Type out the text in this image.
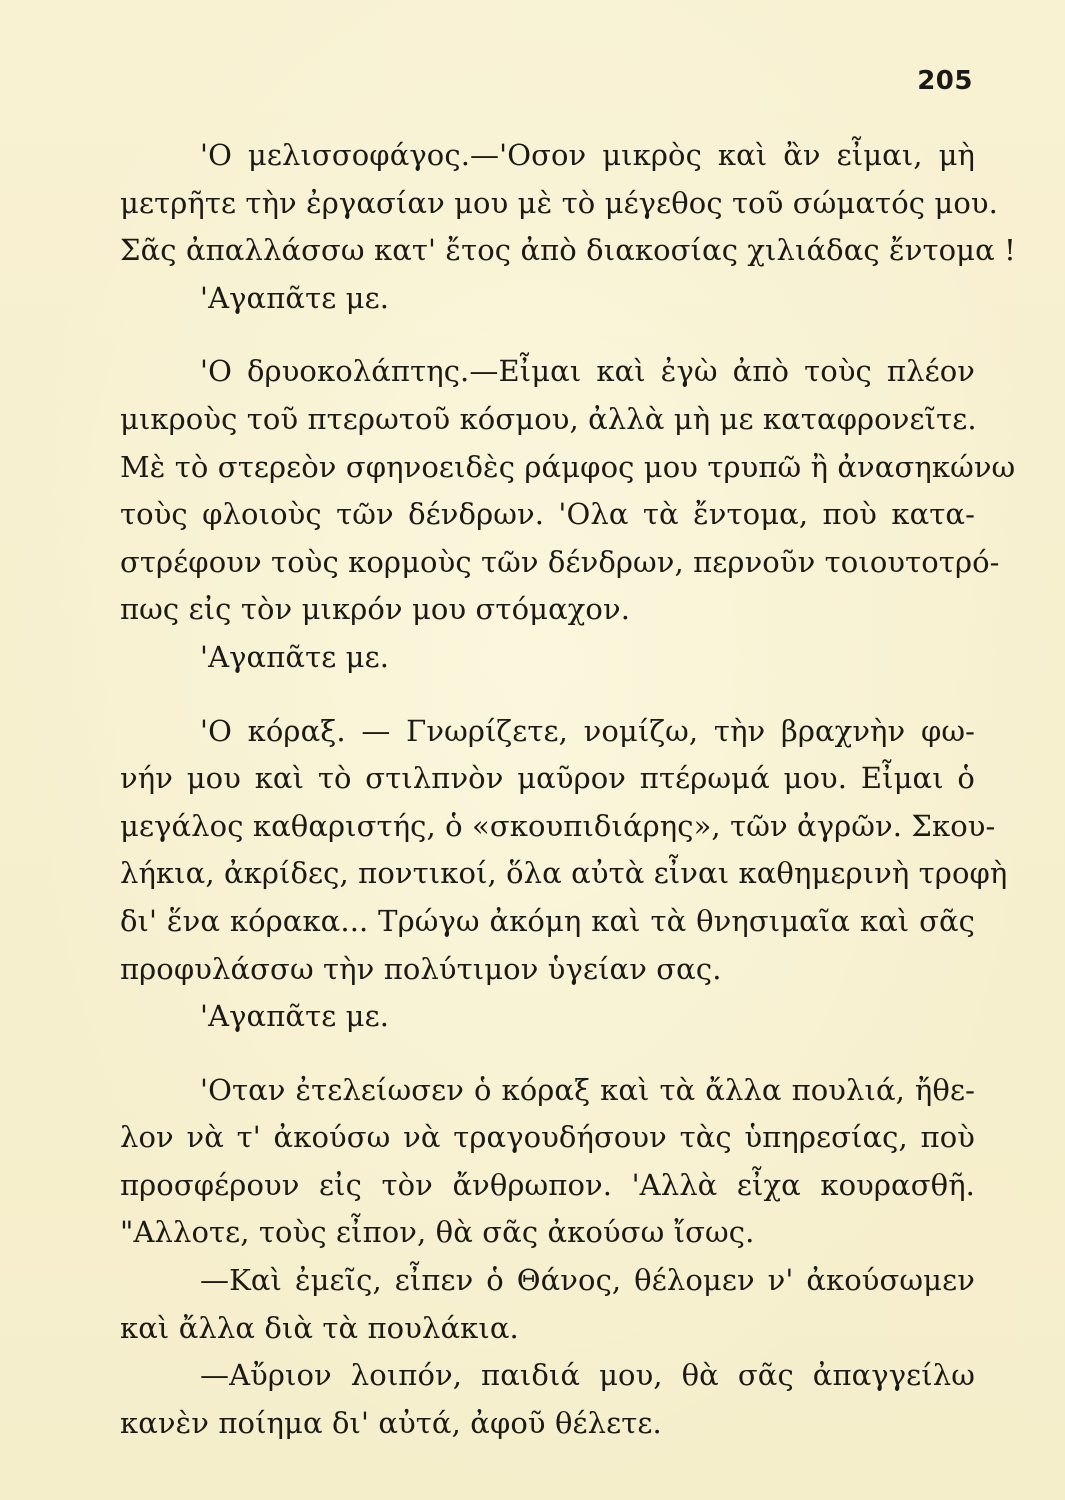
205
'Ο μελισσοφάγος.—'Οσον μικρὸς καὶ ἂν εἶμαι, μὴ
μετρῆτε τὴν ἐργασίαν μου μὲ τὸ μέγεθος τοῦ σώματός μου.
Σᾶς ἀπαλλάσσω κατ' ἔτος ἀπὸ διακοσίας χιλιάδας ἔντομα !
'Αγαπᾶτε με.
'Ο δρυοκολάπτης.—Εἶμαι καὶ ἐγὼ ἀπὸ τοὺς πλέον
μικροὺς τοῦ πτερωτοῦ κόσμου, ἀλλὰ μὴ με καταφρονεῖτε.
Μὲ τὸ στερεὸν σφηνοειδὲς ράμφος μου τρυπῶ ἢ ἀνασηκώνω
τοὺς φλοιοὺς τῶν δένδρων. 'Ολα τὰ ἔντομα, ποὺ κατα-
στρέφουν τοὺς κορμοὺς τῶν δένδρων, περνοῦν τοιουτοτρό-
πως εἰς τὸν μικρόν μου στόμαχον.
'Αγαπᾶτε με.
'Ο κόραξ. — Γνωρίζετε, νομίζω, τὴν βραχνὴν φω-
νήν μου καὶ τὸ στιλπνὸν μαῦρον πτέρωμά μου. Εἶμαι ὁ
μεγάλος καθαριστής, ὁ «σκουπιδιάρης», τῶν ἀγρῶν. Σκου-
λήκια, ἀκρίδες, ποντικοί, ὅλα αὐτὰ εἶναι καθημερινὴ τροφὴ
δι' ἕνα κόρακα... Τρώγω ἀκόμη καὶ τὰ θνησιμαῖα καὶ σᾶς
προφυλάσσω τὴν πολύτιμον ὑγείαν σας.
'Αγαπᾶτε με.
'Οταν ἐτελείωσεν ὁ κόραξ καὶ τὰ ἄλλα πουλιά, ἤθε-
λον νὰ τ' ἀκούσω νὰ τραγουδήσουν τὰς ὑπηρεσίας, ποὺ
προσφέρουν εἰς τὸν ἄνθρωπον. 'Αλλὰ εἶχα κουρασθῆ.
"Αλλοτε, τοὺς εἶπον, θὰ σᾶς ἀκούσω ἴσως.
—Καὶ ἐμεῖς, εἶπεν ὁ Θάνος, θέλομεν ν' ἀκούσωμεν
καὶ ἄλλα διὰ τὰ πουλάκια.
—Αὔριον λοιπόν, παιδιά μου, θὰ σᾶς ἀπαγγείλω
κανὲν ποίημα δι' αὐτά, ἀφοῦ θέλετε.
